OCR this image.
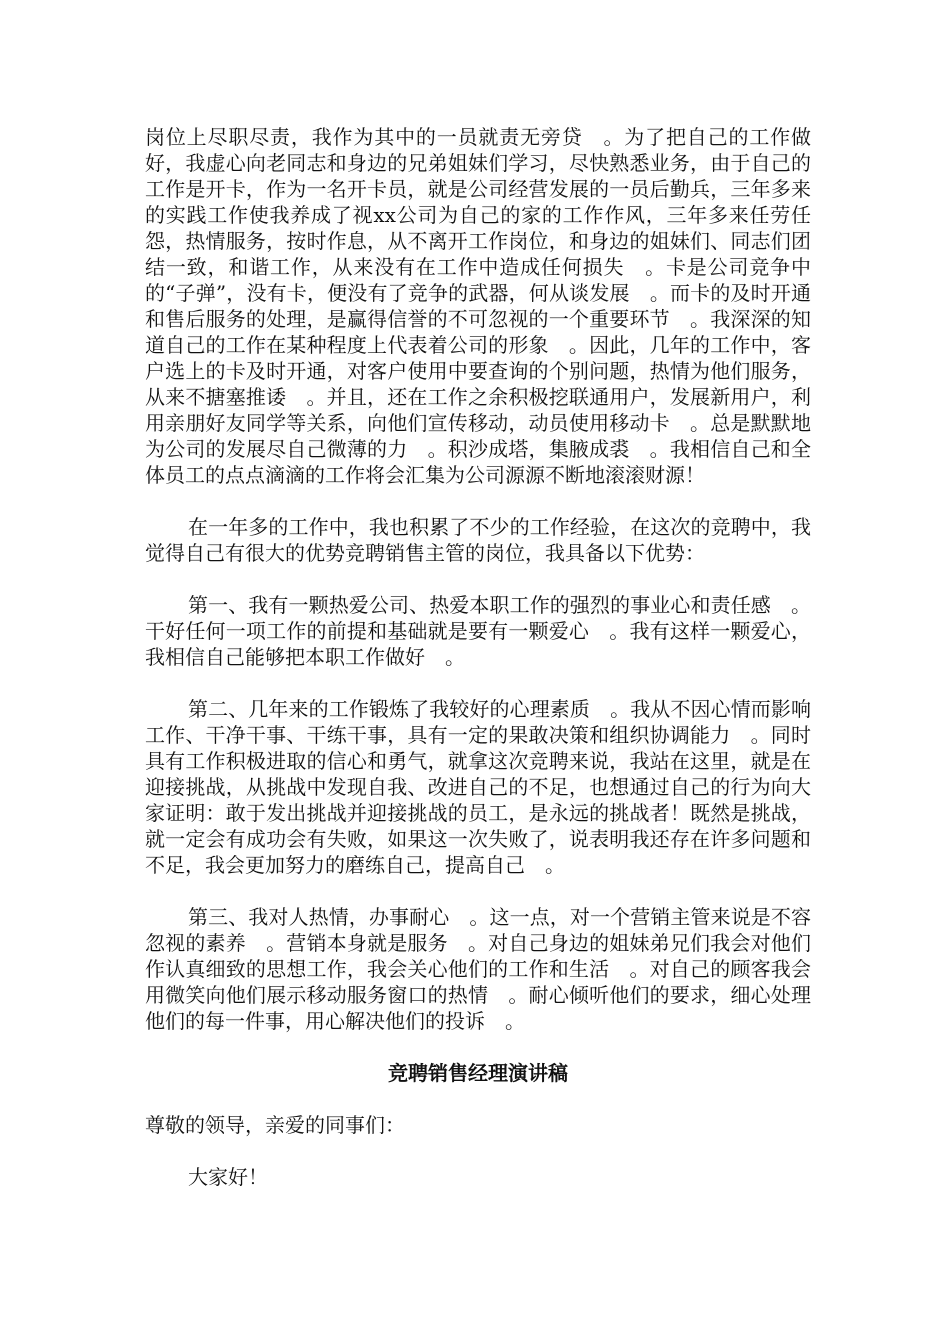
岗位上尽职尽责，我作为其中的一员就责无旁贷　。为了把自己的工作做好，我虚心向老同志和身边的兄弟姐妹们学习，尽快熟悉业务，由于自己的工作是开卡，作为一名开卡员，就是公司经营发展的一员后勤兵，三年多来的实践工作使我养成了视xx公司为自己的家的工作作风，三年多来任劳任怨，热情服务，按时作息，从不离开工作岗位，和身边的姐妹们、同志们团结一致，和谐工作，从来没有在工作中造成任何损失　。卡是公司竞争中的“子弹”，没有卡，便没有了竞争的武器，何从谈发展　。而卡的及时开通和售后服务的处理，是赢得信誉的不可忽视的一个重要环节　。我深深的知道自己的工作在某种程度上代表着公司的形象　。因此，几年的工作中，客户选上的卡及时开通，对客户使用中要查询的个别问题，热情为他们服务，从来不搪塞推诿　。并且，还在工作之余积极挖联通用户，发展新用户，利用亲朋好友同学等关系，向他们宣传移动，动员使用移动卡　。总是默默地为公司的发展尽自己微薄的力　。积沙成塔，集腋成裘　。我相信自己和全体员工的点点滴滴的工作将会汇集为公司源源不断地滚滚财源！

在一年多的工作中，我也积累了不少的工作经验，在这次的竞聘中，我觉得自己有很大的优势竞聘销售主管的岗位，我具备以下优势：

第一、我有一颗热爱公司、热爱本职工作的强烈的事业心和责任感　。干好任何一项工作的前提和基础就是要有一颗爱心　。我有这样一颗爱心，我相信自己能够把本职工作做好　。

第二、几年来的工作锻炼了我较好的心理素质　。我从不因心情而影响工作、干净干事、干练干事，具有一定的果敢决策和组织协调能力　。同时具有工作积极进取的信心和勇气，就拿这次竞聘来说，我站在这里，就是在迎接挑战，从挑战中发现自我、改进自己的不足，也想通过自己的行为向大家证明：敢于发出挑战并迎接挑战的员工，是永远的挑战者！既然是挑战，就一定会有成功会有失败，如果这一次失败了，说表明我还存在许多问题和不足，我会更加努力的磨练自己，提高自己　。

第三、我对人热情，办事耐心　。这一点，对一个营销主管来说是不容忽视的素养　。营销本身就是服务　。对自己身边的姐妹弟兄们我会对他们作认真细致的思想工作，我会关心他们的工作和生活　。对自己的顾客我会用微笑向他们展示移动服务窗口的热情　。耐心倾听他们的要求，细心处理他们的每一件事，用心解决他们的投诉　。

竞聘销售经理演讲稿

尊敬的领导，亲爱的同事们：

大家好！
